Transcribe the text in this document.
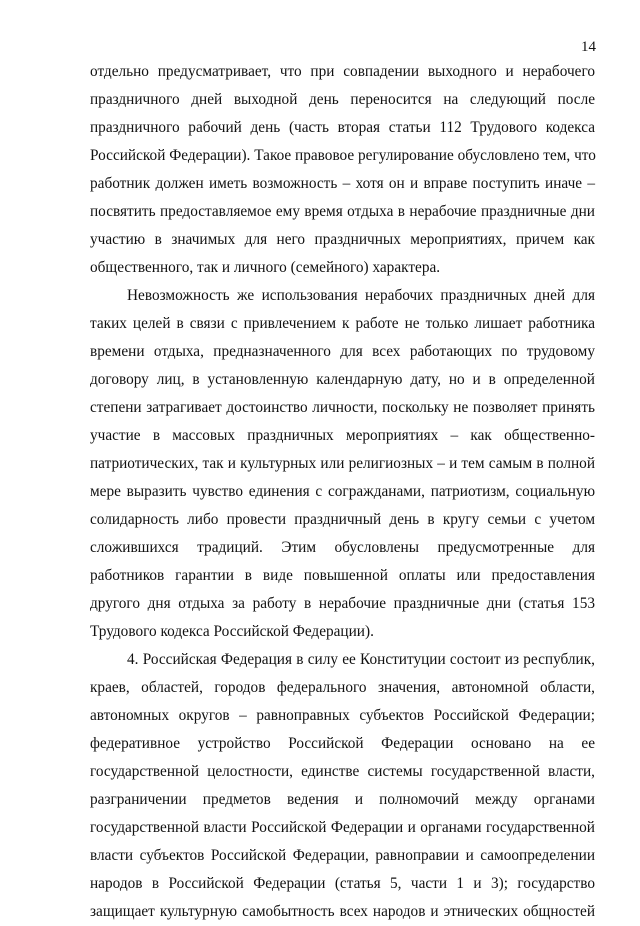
14
отдельно предусматривает, что при совпадении выходного и нерабочего
праздничного дней выходной день переносится на следующий после
праздничного рабочий день (часть вторая статьи 112 Трудового кодекса
Российской Федерации). Такое правовое регулирование обусловлено тем, что
работник должен иметь возможность – хотя он и вправе поступить иначе –
посвятить предоставляемое ему время отдыха в нерабочие праздничные дни
участию в значимых для него праздничных мероприятиях, причем как
общественного, так и личного (семейного) характера.
Невозможность же использования нерабочих праздничных дней для
таких целей в связи с привлечением к работе не только лишает работника
времени отдыха, предназначенного для всех работающих по трудовому
договору лиц, в установленную календарную дату, но и в определенной
степени затрагивает достоинство личности, поскольку не позволяет принять
участие в массовых праздничных мероприятиях – как общественно-
патриотических, так и культурных или религиозных – и тем самым в полной
мере выразить чувство единения с согражданами, патриотизм, социальную
солидарность либо провести праздничный день в кругу семьи с учетом
сложившихся традиций. Этим обусловлены предусмотренные для
работников гарантии в виде повышенной оплаты или предоставления
другого дня отдыха за работу в нерабочие праздничные дни (статья 153
Трудового кодекса Российской Федерации).
4. Российская Федерация в силу ее Конституции состоит из республик,
краев, областей, городов федерального значения, автономной области,
автономных округов – равноправных субъектов Российской Федерации;
федеративное устройство Российской Федерации основано на ее
государственной целостности, единстве системы государственной власти,
разграничении предметов ведения и полномочий между органами
государственной власти Российской Федерации и органами государственной
власти субъектов Российской Федерации, равноправии и самоопределении
народов в Российской Федерации (статья 5, части 1 и 3); государство
защищает культурную самобытность всех народов и этнических общностей
